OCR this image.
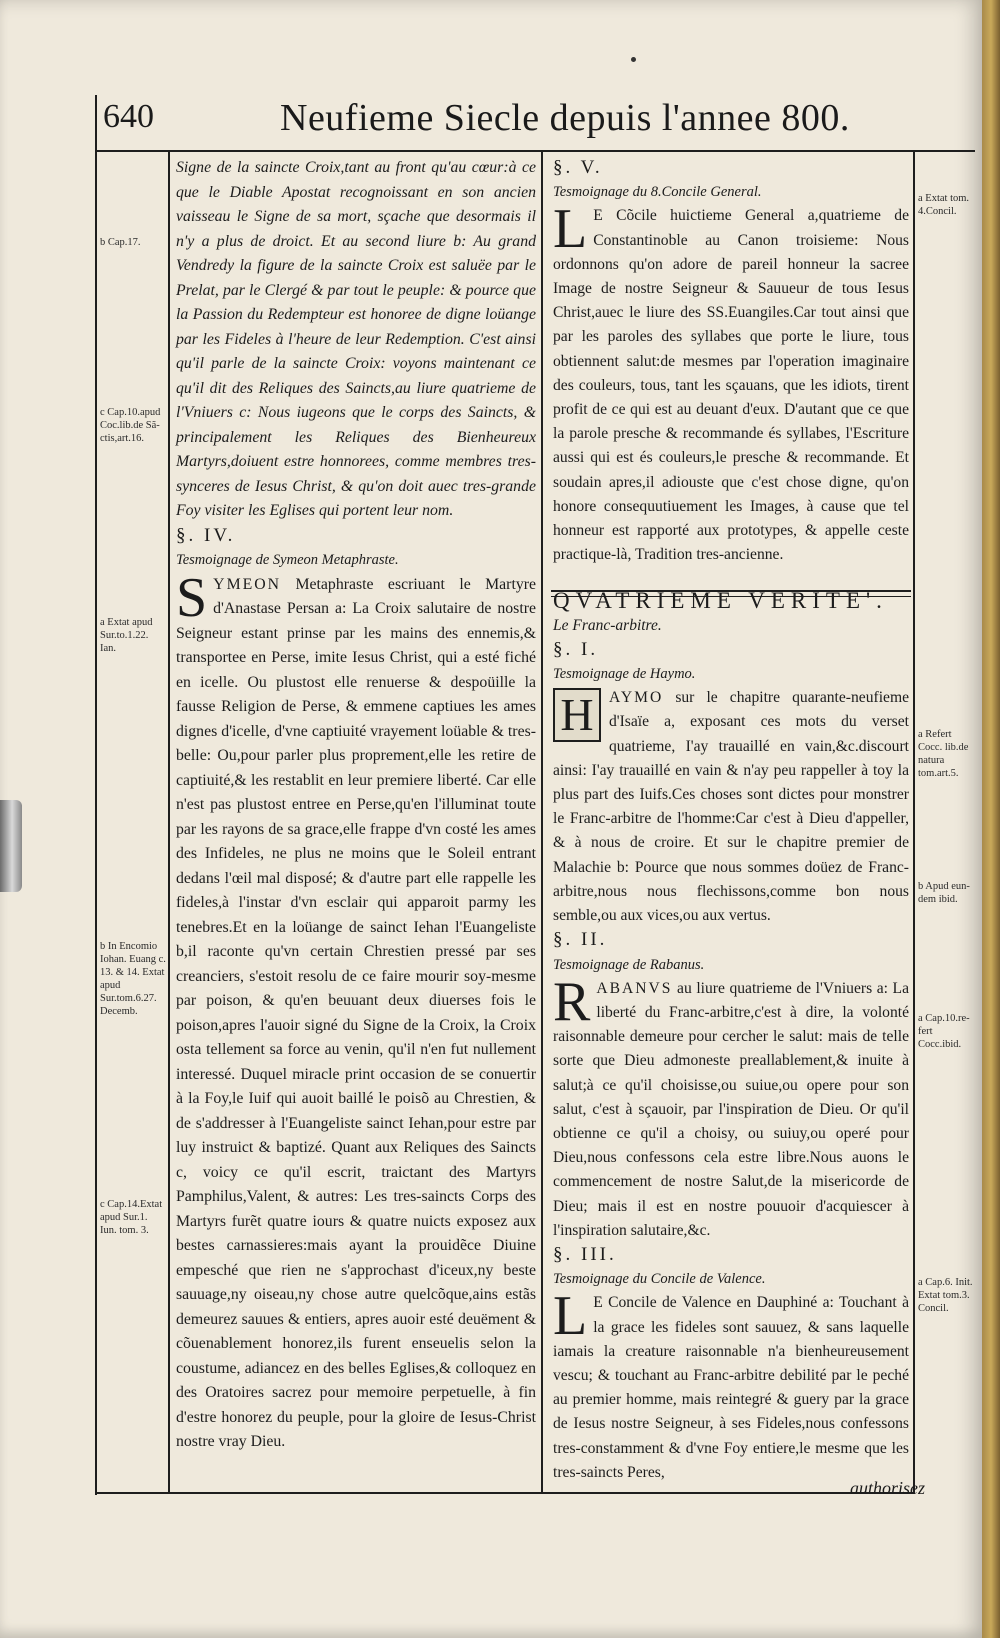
640	Neufieme Siecle depuis l'annee 800.
b Cap.17.
c Cap.10.apud Coc.lib.de Sã-ctis,art.16.
a Extat apud Sur.to.1.22. Ian.
b In Encomio Iohan. Euang c. 13. & 14. Extat apud Sur.tom.6.27. Decemb.
c Cap.14.Extat apud Sur.1. Iun. tom. 3.
a Extat tom. 4.Concil.
a Refert Cocc. lib.de natura tom.art.5.
b Apud eun-dem ibid.
a Cap.10.re-fert Cocc.ibid.
a Cap.6. Init. Extat tom.3. Concil.

Signe de la saincte Croix,tant au front qu'au cœur:à ce que le Diable Apostat recognoissant en son ancien vaisseau le Signe de sa mort, sçache que desormais il n'y a plus de droict. Et au second liure b: Au grand Vendredy la figure de la saincte Croix est saluëe par le Prelat, par le Clergé & par tout le peuple: & pource que la Passion du Redempteur est honoree de digne loüange par les Fideles à l'heure de leur Redemption. C'est ainsi qu'il parle de la saincte Croix: voyons maintenant ce qu'il dit des Reliques des Saincts,au liure quatrieme de l'Vniuers c: Nous iugeons que le corps des Saincts, & principalement les Reliques des Bienheureux Martyrs,doiuent estre honnorees, comme membres tres-synceres de Iesus Christ, & qu'on doit auec tres-grande Foy visiter les Eglises qui portent leur nom.

§. IV.

Tesmoignage de Symeon Metaphraste.

SYMEON Metaphraste escriuant le Martyre d'Anastase Persan a: La Croix salutaire de nostre Seigneur estant prinse par les mains des ennemis,& transportee en Perse, imite Iesus Christ, qui a esté fiché en icelle. Ou plustost elle renuerse & despoüille la fausse Religion de Perse, & emmene captiues les ames dignes d'icelle, d'vne captiuité vrayement loüable & tres-belle: Ou,pour parler plus proprement,elle les retire de captiuité,& les restablit en leur premiere liberté. Car elle n'est pas plustost entree en Perse,qu'en l'illuminat toute par les rayons de sa grace,elle frappe d'vn costé les ames des Infideles, ne plus ne moins que le Soleil entrant dedans l'œil mal disposé; & d'autre part elle rappelle les fideles,à l'instar d'vn esclair qui apparoit parmy les tenebres.Et en la loüange de sainct Iehan l'Euangeliste b,il raconte qu'vn certain Chrestien pressé par ses creanciers, s'estoit resolu de ce faire mourir soy-mesme par poison, & qu'en beuuant deux diuerses fois le poison,apres l'auoir signé du Signe de la Croix, la Croix osta tellement sa force au venin, qu'il n'en fut nullement interessé. Duquel miracle print occasion de se conuertir à la Foy,le Iuif qui auoit baillé le poisõ au Chrestien, & de s'addresser à l'Euangeliste sainct Iehan,pour estre par luy instruict & baptizé. Quant aux Reliques des Saincts c, voicy ce qu'il escrit, traictant des Martyrs Pamphilus,Valent, & autres: Les tres-saincts Corps des Martyrs furẽt quatre iours & quatre nuicts exposez aux bestes carnassieres:mais ayant la prouidẽce Diuine empesché que rien ne s'approchast d'iceux,ny beste sauuage,ny oiseau,ny chose autre quelcõque,ains estãs demeurez sauues & entiers, apres auoir esté deuëment & cõuenablement honorez,ils furent enseuelis selon la coustume, adiancez en des belles Eglises,& colloquez en des Oratoires sacrez pour memoire perpetuelle, à fin d'estre honorez du peuple, pour la gloire de Iesus-Christ nostre vray Dieu.

§. V.

Tesmoignage du 8.Concile General.

L E Cõcile huictieme General a,quatrieme de Constantinoble au Canon troisieme: Nous ordonnons qu'on adore de pareil honneur la sacree Image de nostre Seigneur & Sauueur de tous Iesus Christ,auec le liure des SS.Euangiles.Car tout ainsi que par les paroles des syllabes que porte le liure, tous obtiennent salut:de mesmes par l'operation imaginaire des couleurs, tous, tant les sçauans, que les idiots, tirent profit de ce qui est au deuant d'eux. D'autant que ce que la parole presche & recommande és syllabes, l'Escriture aussi qui est és couleurs,le presche & recommande. Et soudain apres,il adiouste que c'est chose digne, qu'on honore consequutiuement les Images, à cause que tel honneur est rapporté aux prototypes, & appelle ceste practique-là, Tradition tres-ancienne.

QVATRIEME VERITE'.

Le Franc-arbitre.

§. I.

Tesmoignage de Haymo.

H AYMO sur le chapitre quarante-neufieme d'Isaïe a, exposant ces mots du verset quatrieme, I'ay trauaillé en vain,&c.discourt ainsi: I'ay trauaillé en vain & n'ay peu rappeller à toy la plus part des Iuifs.Ces choses sont dictes pour monstrer le Franc-arbitre de l'homme:Car c'est à Dieu d'appeller, & à nous de croire. Et sur le chapitre premier de Malachie b: Pource que nous sommes doüez de Franc-arbitre,nous nous flechissons,comme bon nous semble,ou aux vices,ou aux vertus.

§. II.

Tesmoignage de Rabanus.

RABANVS au liure quatrieme de l'Vniuers a: La liberté du Franc-arbitre,c'est à dire, la volonté raisonnable demeure pour cercher le salut: mais de telle sorte que Dieu admoneste preallablement,& inuite à salut;à ce qu'il choisisse,ou suiue,ou opere pour son salut, c'est à sçauoir, par l'inspiration de Dieu. Or qu'il obtienne ce qu'il a choisy, ou suiuy,ou operé pour Dieu,nous confessons cela estre libre.Nous auons le commencement de nostre Salut,de la misericorde de Dieu; mais il est en nostre pouuoir d'acquiescer à l'inspiration salutaire,&c.

§. III.

Tesmoignage du Concile de Valence.

L E Concile de Valence en Dauphiné a: Touchant à la grace les fideles sont sauuez, & sans laquelle iamais la creature raisonnable n'a bienheureusement vescu; & touchant au Franc-arbitre debilité par le peché au premier homme, mais reintegré & guery par la grace de Iesus nostre Seigneur, à ses Fideles,nous confessons tres-constamment & d'vne Foy entiere,le mesme que les tres-saincts Peres,

authorisez
